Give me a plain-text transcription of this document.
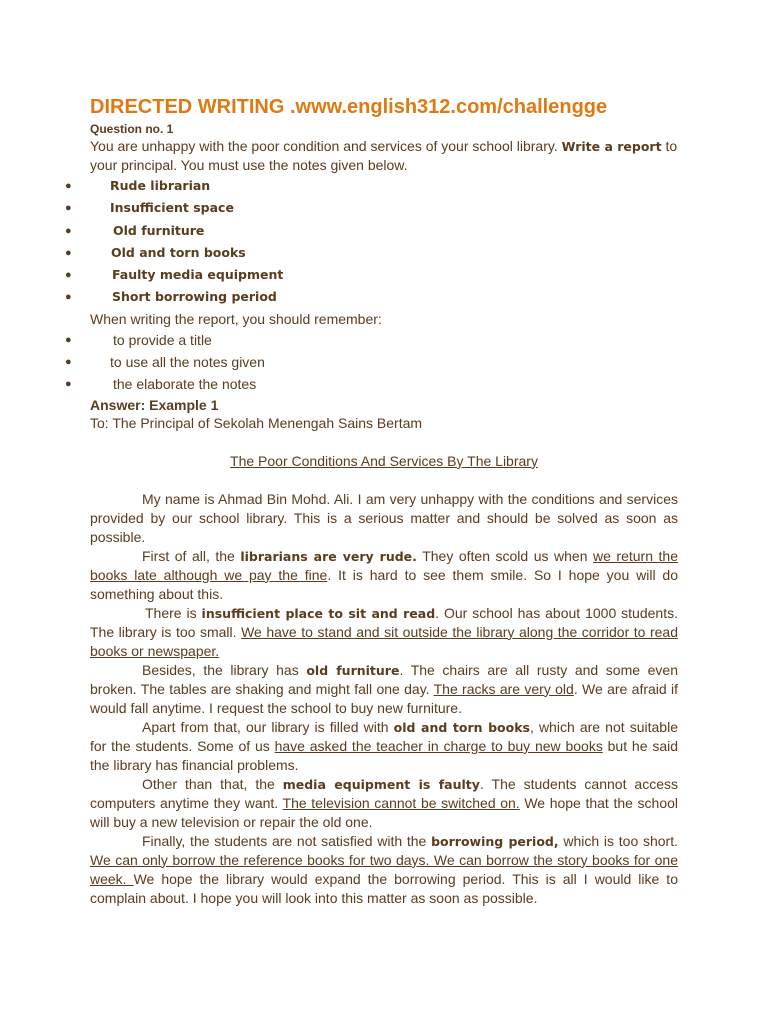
DIRECTED WRITING .www.english312.com/challengge
Question no. 1
You are unhappy with the poor condition and services of your school library. Write a report to your principal. You must use the notes given below.
●	Rude librarian
●	Insufficient space
●	Old furniture
●	Old and torn books
●	Faulty media equipment
●	Short borrowing period
When writing the report, you should remember:
●	to provide a title
●	to use all the notes given
●	the elaborate the notes
Answer: Example 1
To: The Principal of Sekolah Menengah Sains Bertam
The Poor Conditions And Services By The Library

My name is Ahmad Bin Mohd. Ali. I am very unhappy with the conditions and services provided by our school library. This is a serious matter and should be solved as soon as possible.

First of all, the librarians are very rude. They often scold us when we return the books late although we pay the fine. It is hard to see them smile. So I hope you will do something about this.

There is insufficient place to sit and read. Our school has about 1000 students. The library is too small. We have to stand and sit outside the library along the corridor to read books or newspaper.

Besides, the library has old furniture. The chairs are all rusty and some even broken. The tables are shaking and might fall one day. The racks are very old. We are afraid if would fall anytime. I request the school to buy new furniture.

Apart from that, our library is filled with old and torn books, which are not suitable for the students. Some of us have asked the teacher in charge to buy new books but he said the library has financial problems.

Other than that, the media equipment is faulty. The students cannot access computers anytime they want. The television cannot be switched on. We hope that the school will buy a new television or repair the old one.

Finally, the students are not satisfied with the borrowing period, which is too short. We can only borrow the reference books for two days. We can borrow the story books for one week. We hope the library would expand the borrowing period. This is all I would like to complain about. I hope you will look into this matter as soon as possible.
